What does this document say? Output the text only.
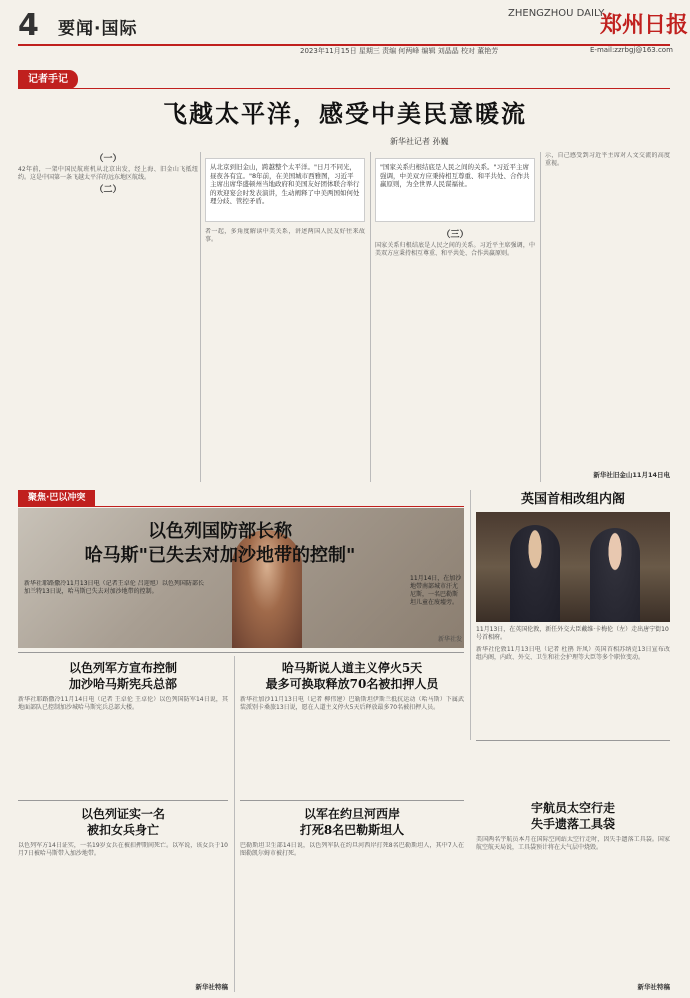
4 要闻·国际
ZHENGZHOU DAILY
郑州日报
2023年11月15日 星期三 责编 何两峰 编辑 刘晶晶 校对 董艳芳	E-mail:zzrbgj@163.com
记者手记
飞越太平洋，感受中美民意暖流
新华社记者 孙巍
从北京到旧金山，跨越整个太平洋。"日月不同光，昼夜各有宜。"8年前，在美国城市西雅图，习近平主席出席华盛顿州当地政府和美国友好团体联合举行的欢迎宴会时发表演讲，生动阐释了中美两国如何处理分歧、管控矛盾。
"国家关系归根结底是人民之间的关系。"习近平主席强调，中美双方应秉持相互尊重、和平共处、合作共赢原则，为全世界人民谋福祉。
（一）
42年前，一架中国民航班机从北京出发，经上海、旧金山飞抵纽约。这是中国第一条飞越太平洋的远东地区航线。
（二）
者一起，多角度解读中美关系，讲述两国人民友好往来故事。	（三）
国家关系归根结底是人民之间的关系。习近平主席强调，中美双方应秉持相互尊重、和平共处、合作共赢原则。
示，自己感受到习近平主席对人文交流的高度重视。
新华社旧金山11月14日电
聚焦·巴以冲突
以色列国防部长称
哈马斯"已失去对加沙地带的控制"
新华社耶路撒冷11月13日电（记者王卓伦 吕迎旭）以色列国防部长加兰特13日说，哈马斯已失去对加沙地带的控制。
11月14日，在加沙地带南部城市汗尤尼斯，一名巴勒斯坦儿童在废墟旁。
新华社发
英国首相改组内阁
11月13日，在英国伦敦，新任外交大臣戴维·卡梅伦（左）走出唐宁街10号首相府。
新华社伦敦11月13日电（记者 杜鹃 许凤）英国首相苏纳克13日宣布改组内阁，内政、外交、卫生和社会护理等大臣等多个职位变动。
以色列军方宣布控制
加沙哈马斯宪兵总部
新华社耶路撒冷11月14日电（记者 王卓伦 王卓伦）以色列国防军14日说，其地面部队已控制加沙城哈马斯宪兵总部大楼。
以色列证实一名
被扣女兵身亡
以色列军方14日证实，一名19岁女兵在被扣押期间死亡。以军说，该女兵于10月7日被哈马斯带入加沙地带。
新华社特稿
哈马斯说人道主义停火5天
最多可换取释放70名被扣押人员
新华社加沙11月13日电（记者 柳伟建）巴勒斯坦伊斯兰抵抗运动（哈马斯）下属武装派别卡桑旅13日说，愿在人道主义停火5天后释放最多70名被扣押人员。
以军在约旦河西岸
打死8名巴勒斯坦人
巴勒斯坦卫生部14日说，以色列军队在约旦河西岸打死8名巴勒斯坦人，其中7人在图勒凯尔姆市被打死。
宇航员太空行走
失手遗落工具袋
美国两名宇航员本月在国际空间站太空行走时，因失手遗落工具袋。国家航空航天局说，工具袋预计将在大气层中烧毁。
新华社特稿
